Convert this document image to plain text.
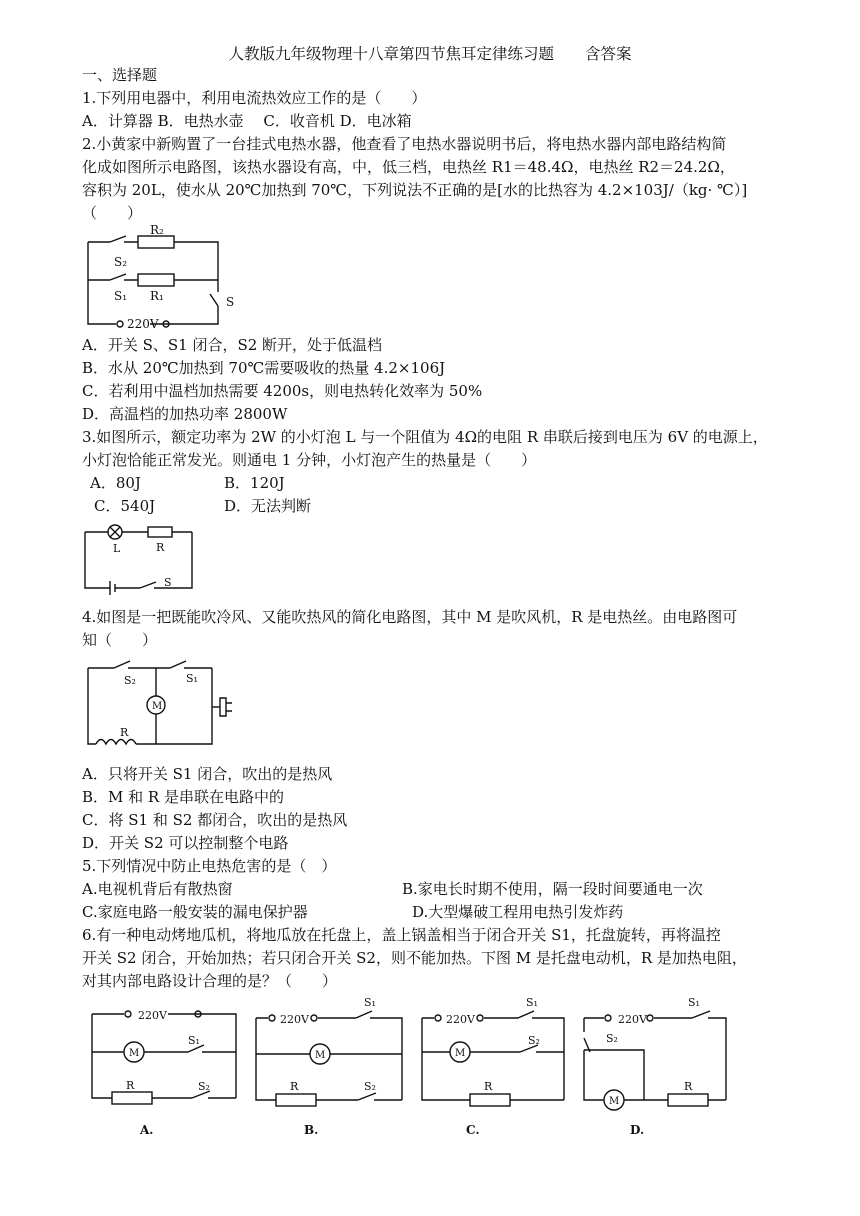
人教版九年级物理十八章第四节焦耳定律练习题　　含答案
一、选择题
1.下列用电器中，利用电流热效应工作的是（　　）
A．计算器 B．电热水壶　 C．收音机 D．电冰箱
2.小黄家中新购置了一台挂式电热水器，他查看了电热水器说明书后，将电热水器内部电路结构简
化成如图所示电路图，该热水器设有高，中，低三档，电热丝 R1＝48.4Ω，电热丝 R2＝24.2Ω，
容积为 20L，使水从 20℃加热到 70℃，下列说法不正确的是[水的比热容为 4.2×103J/（kg· ℃）]
（　　）
R₂
S₂
S₁ R₁	S
220V
A．开关 S、S1 闭合，S2 断开，处于低温档
B．水从 20℃加热到 70℃需要吸收的热量 4.2×106J
C．若利用中温档加热需要 4200s，则电热转化效率为 50%
D．高温档的加热功率 2800W
3.如图所示，额定功率为 2W 的小灯泡 L 与一个阻值为 4Ω的电阻 R 串联后接到电压为 6V 的电源上，
小灯泡恰能正常发光。则通电 1 分钟，小灯泡产生的热量是（　　）
A．80J	B．120J
C．540J	D．无法判断
L	R
S
4.如图是一把既能吹冷风、又能吹热风的简化电路图，其中 M 是吹风机，R 是电热丝。由电路图可
知（　　）
S₂	S₁
M
R
A．只将开关 S1 闭合，吹出的是热风
B．M 和 R 是串联在电路中的
C．将 S1 和 S2 都闭合，吹出的是热风
D．开关 S2 可以控制整个电路
5.下列情况中防止电热危害的是（　）
A.电视机背后有散热窗	B.家电长时期不使用，隔一段时间要通电一次
C.家庭电路一般安装的漏电保护器	D.大型爆破工程用电热引发炸药
6.有一种电动烤地瓜机，将地瓜放在托盘上，盖上锅盖相当于闭合开关 S1，托盘旋转，再将温控
开关 S2 闭合，开始加热；若只闭合开关 S2，则不能加热。下图 M 是托盘电动机，R 是加热电阻，
对其内部电路设计合理的是？（　　）
220V
M
S₁
R	S₂
A.
220V
S₁
M
R	S₂
B.
220V
S₁
M
S₂
R
C.
220V
S₁
S₂
M
R
D.
